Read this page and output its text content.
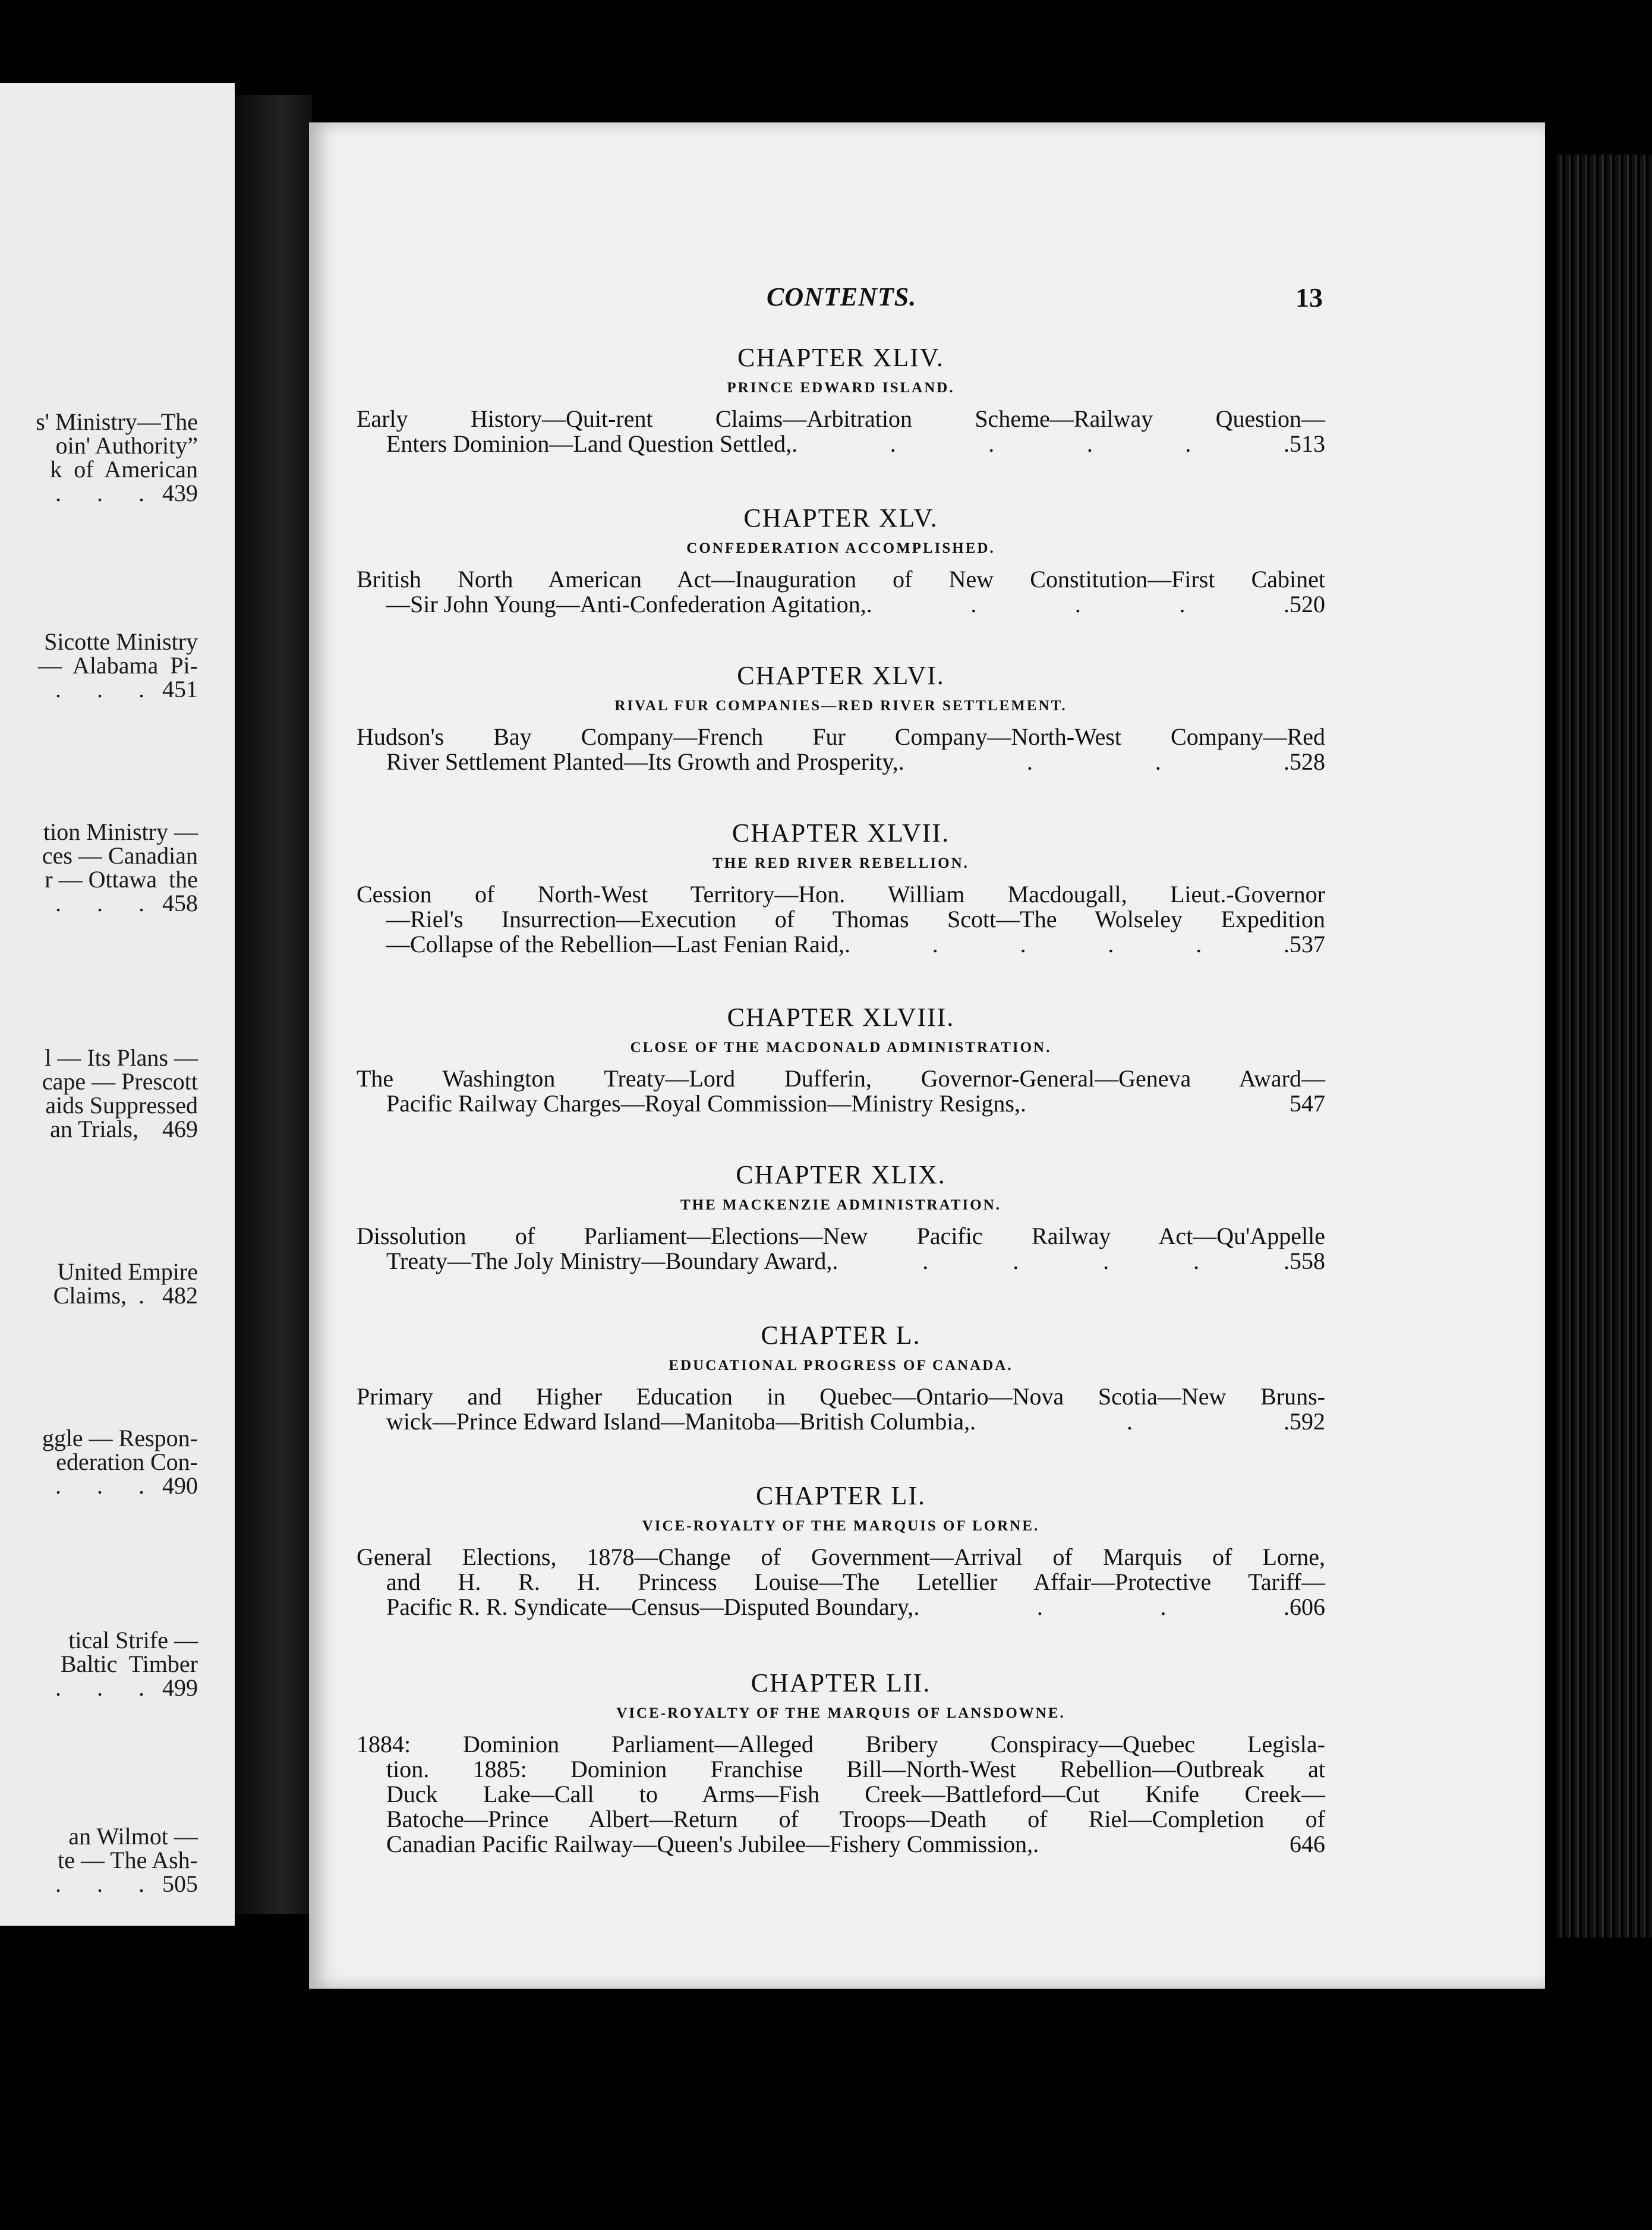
s' Ministry—The
oin' Authority”
k  of  American
.      .      .   439
Sicotte Ministry
—  Alabama  Pi-
.      .      .   451
tion Ministry —
ces — Canadian
r — Ottawa  the
.      .      .   458
l — Its Plans —
cape — Prescott
aids Suppressed
an Trials,    469
United Empire
Claims,  .   482
ggle — Respon-
ederation Con-
.      .      .   490
tical Strife —
Baltic  Timber
.      .      .   499
an Wilmot —
te — The Ash-
.      .      .   505
CONTENTS.	13
CHAPTER XLIV.
PRINCE EDWARD ISLAND.
Early History—Quit-rent Claims—Arbitration Scheme—Railway Question—
Enters Dominion—Land Question Settled, . . . . . . 513
CHAPTER XLV.
CONFEDERATION ACCOMPLISHED.
British North American Act—Inauguration of New Constitution—First Cabinet
—Sir John Young—Anti-Confederation Agitation, . . . . . 520
CHAPTER XLVI.
RIVAL FUR COMPANIES—RED RIVER SETTLEMENT.
Hudson's Bay Company—French Fur Company—North-West Company—Red
River Settlement Planted—Its Growth and Prosperity, . . . . 528
CHAPTER XLVII.
THE RED RIVER REBELLION.
Cession of North-West Territory—Hon. William Macdougall, Lieut.-Governor
—Riel's Insurrection—Execution of Thomas Scott—The Wolseley Expedition
—Collapse of the Rebellion—Last Fenian Raid, . . . . . . 537
CHAPTER XLVIII.
CLOSE OF THE MACDONALD ADMINISTRATION.
The Washington Treaty—Lord Dufferin, Governor-General—Geneva Award—
Pacific Railway Charges—Royal Commission—Ministry Resigns, .	547
CHAPTER XLIX.
THE MACKENZIE ADMINISTRATION.
Dissolution of Parliament—Elections—New Pacific Railway Act—Qu'Appelle
Treaty—The Joly Ministry—Boundary Award, . . . . . . 558
CHAPTER L.
EDUCATIONAL PROGRESS OF CANADA.
Primary and Higher Education in Quebec—Ontario—Nova Scotia—New Bruns-
wick—Prince Edward Island—Manitoba—British Columbia, . . . 592
CHAPTER LI.
VICE-ROYALTY OF THE MARQUIS OF LORNE.
General Elections, 1878—Change of Government—Arrival of Marquis of Lorne,
and H. R. H. Princess Louise—The Letellier Affair—Protective Tariff—
Pacific R. R. Syndicate—Census—Disputed Boundary, . . . . 606
CHAPTER LII.
VICE-ROYALTY OF THE MARQUIS OF LANSDOWNE.
1884: Dominion Parliament—Alleged Bribery Conspiracy—Quebec Legisla-
tion. 1885: Dominion Franchise Bill—North-West Rebellion—Outbreak at
Duck Lake—Call to Arms—Fish Creek—Battleford—Cut Knife Creek—
Batoche—Prince Albert—Return of Troops—Death of Riel—Completion of
Canadian Pacific Railway—Queen's Jubilee—Fishery Commission, .	646
